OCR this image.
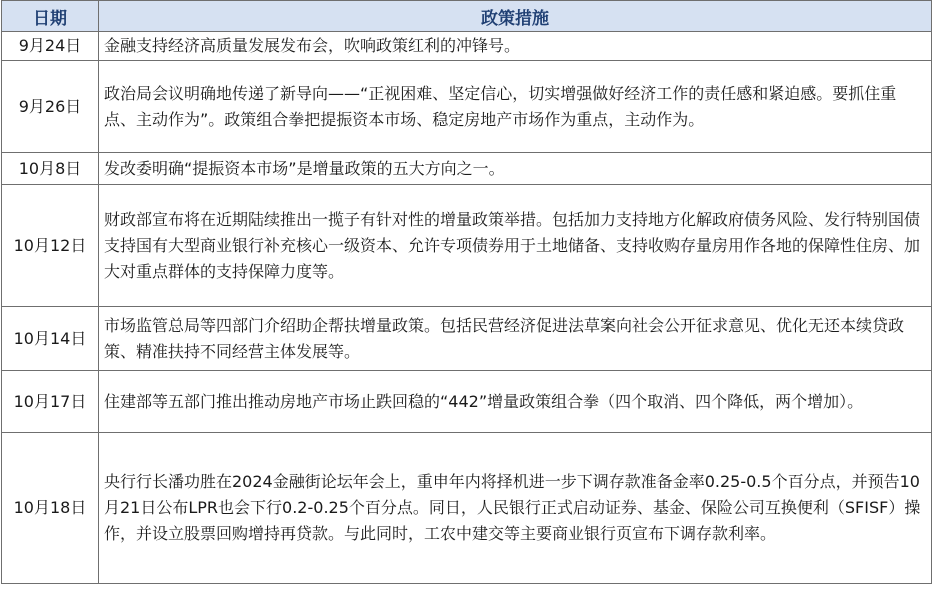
日期	政策措施
9月24日	金融支持经济高质量发展发布会，吹响政策红利的冲锋号。
9月26日	政治局会议明确地传递了新导向——“正视困难、坚定信心，切实增强做好经济工作的责任感和紧迫感。要抓住重点、主动作为”。政策组合拳把提振资本市场、稳定房地产市场作为重点，主动作为。
10月8日	发改委明确“提振资本市场”是增量政策的五大方向之一。
10月12日	财政部宣布将在近期陆续推出一揽子有针对性的增量政策举措。包括加力支持地方化解政府债务风险、发行特别国债支持国有大型商业银行补充核心一级资本、允许专项债券用于土地储备、支持收购存量房用作各地的保障性住房、加大对重点群体的支持保障力度等。
10月14日	市场监管总局等四部门介绍助企帮扶增量政策。包括民营经济促进法草案向社会公开征求意见、优化无还本续贷政策、精准扶持不同经营主体发展等。
10月17日	住建部等五部门推出推动房地产市场止跌回稳的“442”增量政策组合拳（四个取消、四个降低，两个增加）。
10月18日	央行行长潘功胜在2024金融街论坛年会上，重申年内将择机进一步下调存款准备金率0.25-0.5个百分点，并预告10月21日公布LPR也会下行0.2-0.25个百分点。同日，人民银行正式启动证券、基金、保险公司互换便利（SFISF）操作，并设立股票回购增持再贷款。与此同时，工农中建交等主要商业银行页宣布下调存款利率。
